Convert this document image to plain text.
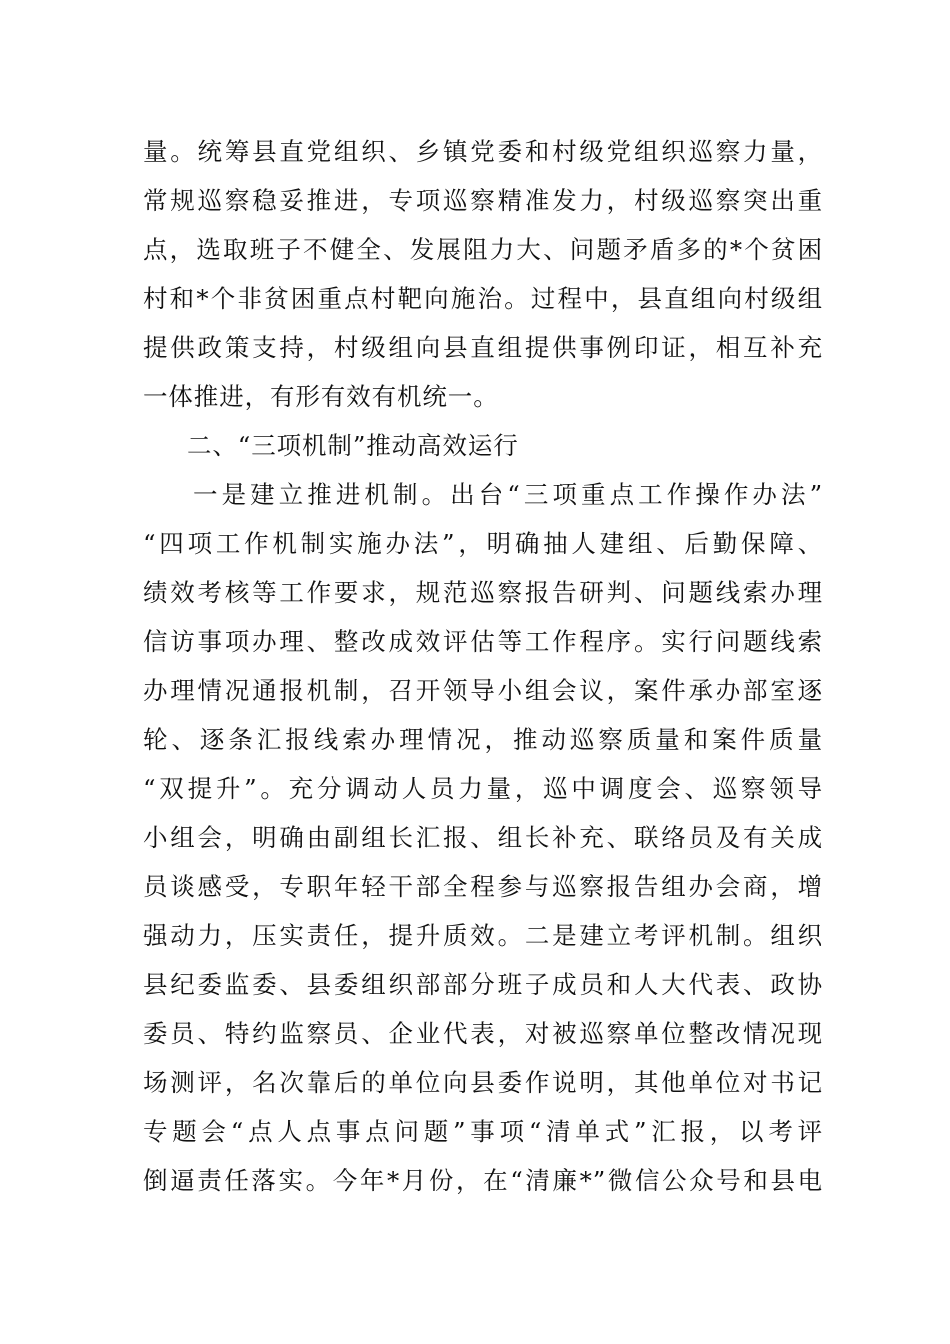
量。统筹县直党组织、乡镇党委和村级党组织巡察力量，
常规巡察稳妥推进，专项巡察精准发力，村级巡察突出重
点，选取班子不健全、发展阻力大、问题矛盾多的*个贫困
村和*个非贫困重点村靶向施治。过程中，县直组向村级组
提供政策支持，村级组向县直组提供事例印证，相互补充
一体推进，有形有效有机统一。
二、“三项机制”推动高效运行
一是建立推进机制。出台“三项重点工作操作办法”
“四项工作机制实施办法”，明确抽人建组、后勤保障、
绩效考核等工作要求，规范巡察报告研判、问题线索办理
信访事项办理、整改成效评估等工作程序。实行问题线索
办理情况通报机制，召开领导小组会议，案件承办部室逐
轮、逐条汇报线索办理情况，推动巡察质量和案件质量
“双提升”。充分调动人员力量，巡中调度会、巡察领导
小组会，明确由副组长汇报、组长补充、联络员及有关成
员谈感受，专职年轻干部全程参与巡察报告组办会商，增
强动力，压实责任，提升质效。二是建立考评机制。组织
县纪委监委、县委组织部部分班子成员和人大代表、政协
委员、特约监察员、企业代表，对被巡察单位整改情况现
场测评，名次靠后的单位向县委作说明，其他单位对书记
专题会“点人点事点问题”事项“清单式”汇报，以考评
倒逼责任落实。今年*月份，在“清廉*”微信公众号和县电
